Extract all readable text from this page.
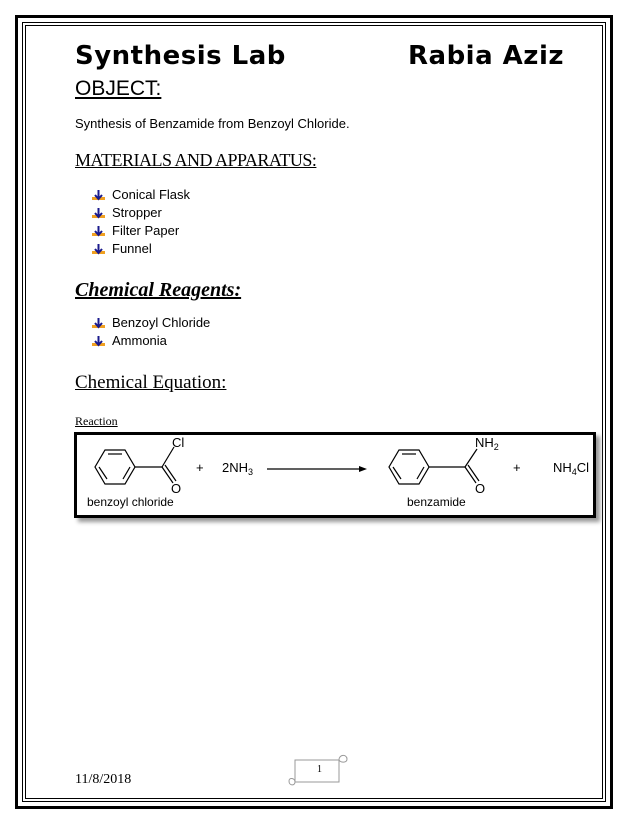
Synthesis Lab	Rabia Aziz
OBJECT:
Synthesis of Benzamide from Benzoyl Chloride.
MATERIALS AND APPARATUS:
Conical Flask
Stropper
Filter Paper
Funnel
Chemical Reagents:
Benzoyl Chloride
Ammonia
Chemical Equation:
Reaction
Cl
O
benzoyl chloride
+ $2NH_3$
$NH_2$
O
benzamide
+ $NH_4Cl$
11/8/2018
1
